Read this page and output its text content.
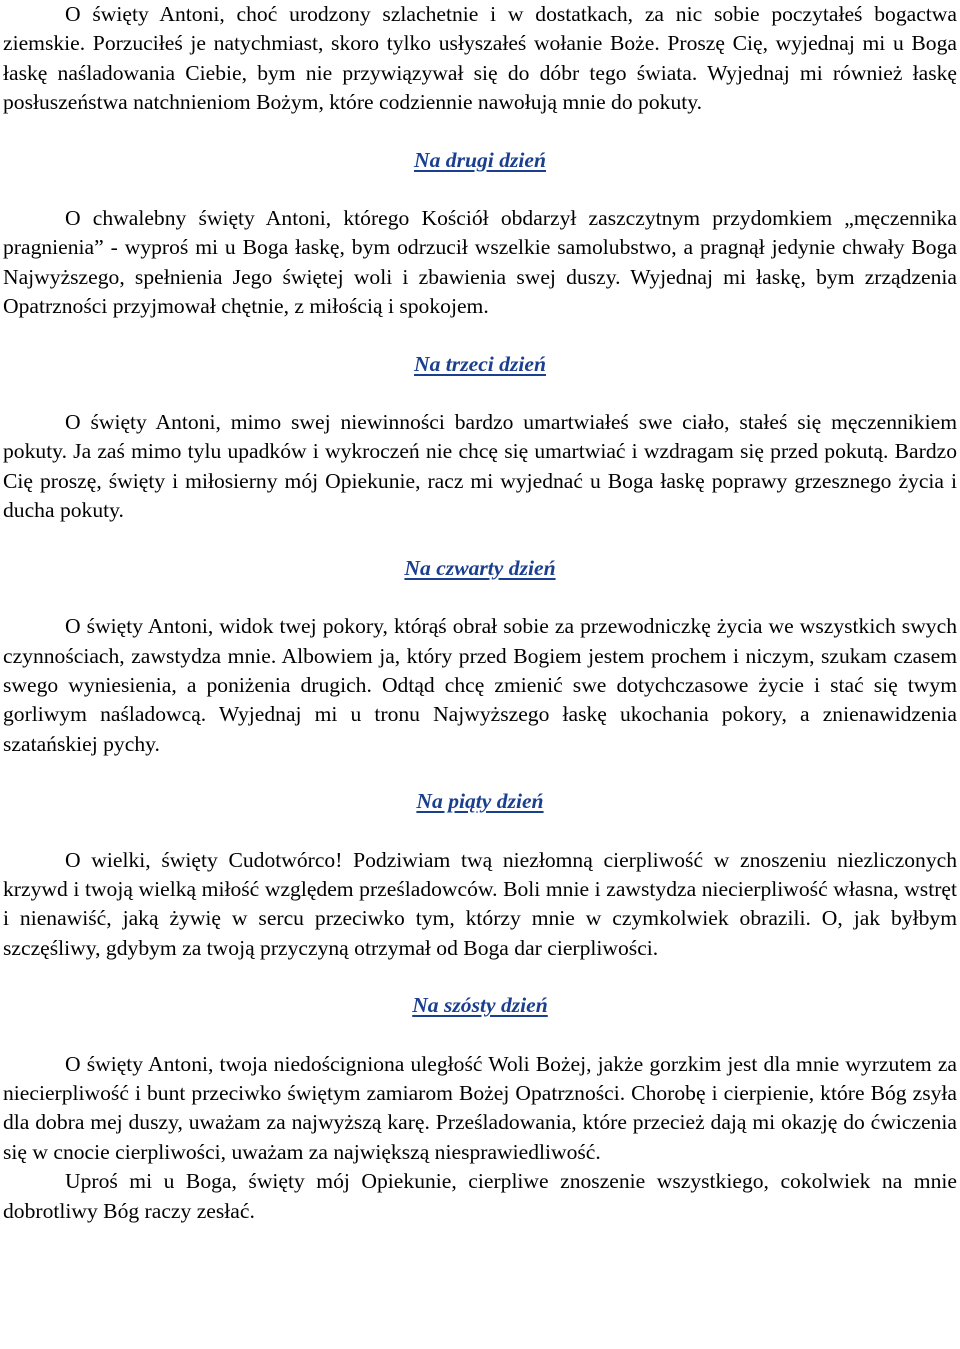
O święty Antoni, choć urodzony szlachetnie i w dostatkach, za nic sobie poczytałeś bogactwa ziemskie. Porzuciłeś je natychmiast, skoro tylko usłyszałeś wołanie Boże. Proszę Cię, wyjednaj mi u Boga łaskę naśladowania Ciebie, bym nie przywiązywał się do dóbr tego świata. Wyjednaj mi również łaskę posłuszeństwa natchnieniom Bożym, które codziennie nawołują mnie do pokuty.

Na drugi dzień

O chwalebny święty Antoni, którego Kościół obdarzył zaszczytnym przydomkiem „męczennika pragnienia” - wyproś mi u Boga łaskę, bym odrzucił wszelkie samolubstwo, a pragnął jedynie chwały Boga Najwyższego, spełnienia Jego świętej woli i zbawienia swej duszy. Wyjednaj mi łaskę, bym zrządzenia Opatrzności przyjmował chętnie, z miłością i spokojem.

Na trzeci dzień

O święty Antoni, mimo swej niewinności bardzo umartwiałeś swe ciało, stałeś się męczennikiem pokuty. Ja zaś mimo tylu upadków i wykroczeń nie chcę się umartwiać i wzdragam się przed pokutą. Bardzo Cię proszę, święty i miłosierny mój Opiekunie, racz mi wyjednać u Boga łaskę poprawy grzesznego życia i ducha pokuty.

Na czwarty dzień

O święty Antoni, widok twej pokory, którąś obrał sobie za przewodniczkę życia we wszystkich swych czynnościach, zawstydza mnie. Albowiem ja, który przed Bogiem jestem prochem i niczym, szukam czasem swego wyniesienia, a poniżenia drugich. Odtąd chcę zmienić swe dotychczasowe życie i stać się twym gorliwym naśladowcą. Wyjednaj mi u tronu Najwyższego łaskę ukochania pokory, a znienawidzenia szatańskiej pychy.

Na piąty dzień

O wielki, święty Cudotwórco! Podziwiam twą niezłomną cierpliwość w znoszeniu niezliczonych krzywd i twoją wielką miłość względem prześladowców. Boli mnie i zawstydza niecierpliwość własna, wstręt i nienawiść, jaką żywię w sercu przeciwko tym, którzy mnie w czymkolwiek obrazili. O, jak byłbym szczęśliwy, gdybym za twoją przyczyną otrzymał od Boga dar cierpliwości.

Na szósty dzień

O święty Antoni, twoja niedościgniona uległość Woli Bożej, jakże gorzkim jest dla mnie wyrzutem za niecierpliwość i bunt przeciwko świętym zamiarom Bożej Opatrzności. Chorobę i cierpienie, które Bóg zsyła dla dobra mej duszy, uważam za najwyższą karę. Prześladowania, które przecież dają mi okazję do ćwiczenia się w cnocie cierpliwości, uważam za największą niesprawiedliwość.

Uproś mi u Boga, święty mój Opiekunie, cierpliwe znoszenie wszystkiego, cokolwiek na mnie dobrotliwy Bóg raczy zesłać.
